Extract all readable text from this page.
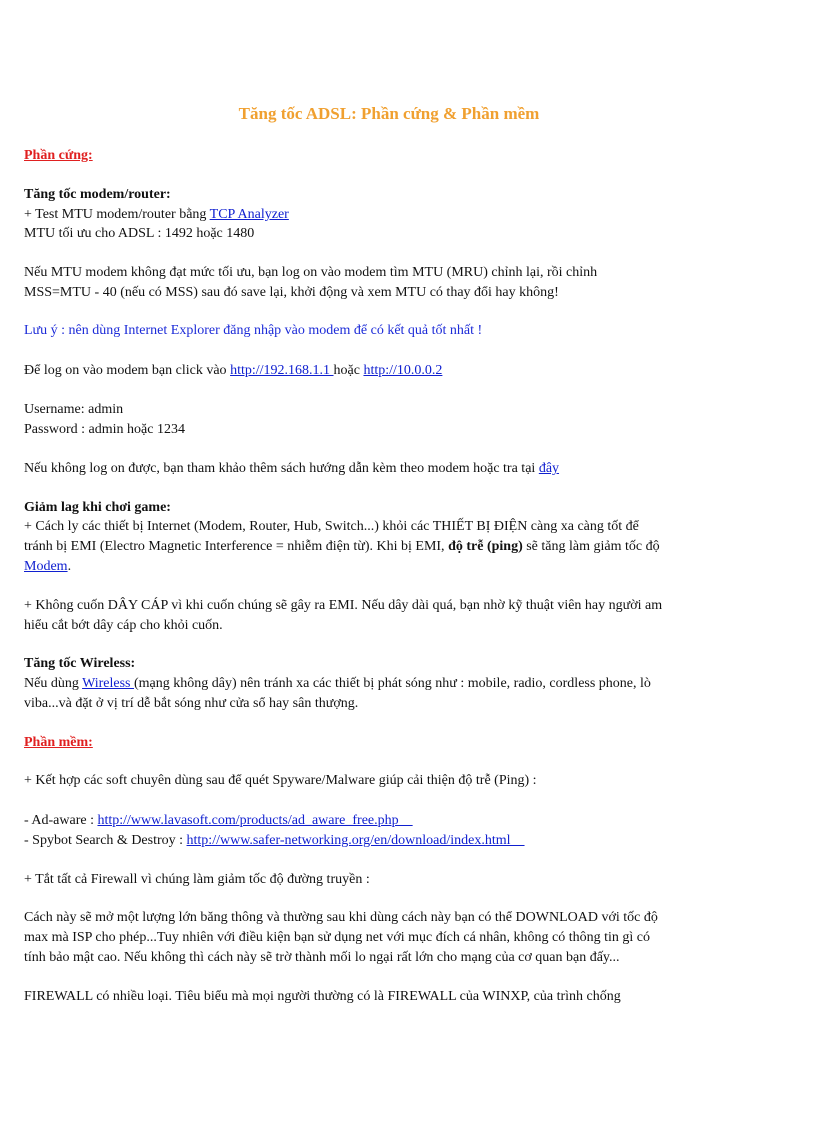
Tăng tốc ADSL: Phần cứng & Phần mềm
Phần cứng:
Tăng tốc modem/router:
+ Test MTU modem/router bằng TCP Analyzer
MTU tối ưu cho ADSL : 1492 hoặc 1480
Nếu MTU modem không đạt mức tối ưu, bạn log on vào modem tìm MTU (MRU) chỉnh lại, rồi chỉnh
MSS=MTU - 40 (nếu có MSS) sau đó save lại, khởi động và xem MTU có thay đổi hay không!
Lưu ý : nên dùng Internet Explorer đăng nhập vào modem để có kết quả tốt nhất !
Để log on vào modem bạn click vào http://192.168.1.1 hoặc http://10.0.0.2
Username: admin
Password : admin hoặc 1234
Nếu không log on được, bạn tham khảo thêm sách hướng dẫn kèm theo modem hoặc tra tại đây
Giảm lag khi chơi game:
+ Cách ly các thiết bị Internet (Modem, Router, Hub, Switch...) khỏi các THIẾT BỊ ĐIỆN càng xa càng tốt để
tránh bị EMI (Electro Magnetic Interference = nhiễm điện từ). Khi bị EMI, độ trễ (ping) sẽ tăng làm giảm tốc độ
Modem.
+ Không cuốn DÂY CÁP vì khi cuốn chúng sẽ gây ra EMI. Nếu dây dài quá, bạn nhờ kỹ thuật viên hay người am
hiểu cắt bớt dây cáp cho khỏi cuốn.
Tăng tốc Wireless:
Nếu dùng Wireless (mạng không dây) nên tránh xa các thiết bị phát sóng như : mobile, radio, cordless phone, lò
viba...và đặt ở vị trí dễ bắt sóng như cửa sổ hay sân thượng.
Phần mềm:
+ Kết hợp các soft chuyên dùng sau để quét Spyware/Malware giúp cải thiện độ trễ (Ping) :
- Ad-aware : http://www.lavasoft.com/products/ad_aware_free.php
- Spybot Search & Destroy : http://www.safer-networking.org/en/download/index.html
+ Tắt tất cả Firewall vì chúng làm giảm tốc độ đường truyền :
Cách này sẽ mở một lượng lớn băng thông và thường sau khi dùng cách này bạn có thể DOWNLOAD với tốc độ
max mà ISP cho phép...Tuy nhiên với điều kiện bạn sử dụng net với mục đích cá nhân, không có thông tin gì có
tính bảo mật cao. Nếu không thì cách này sẽ trờ thành mối lo ngại rất lớn cho mạng của cơ quan bạn đấy...
FIREWALL có nhiều loại. Tiêu biểu mà mọi người thường có là FIREWALL của WINXP, của trình chống
